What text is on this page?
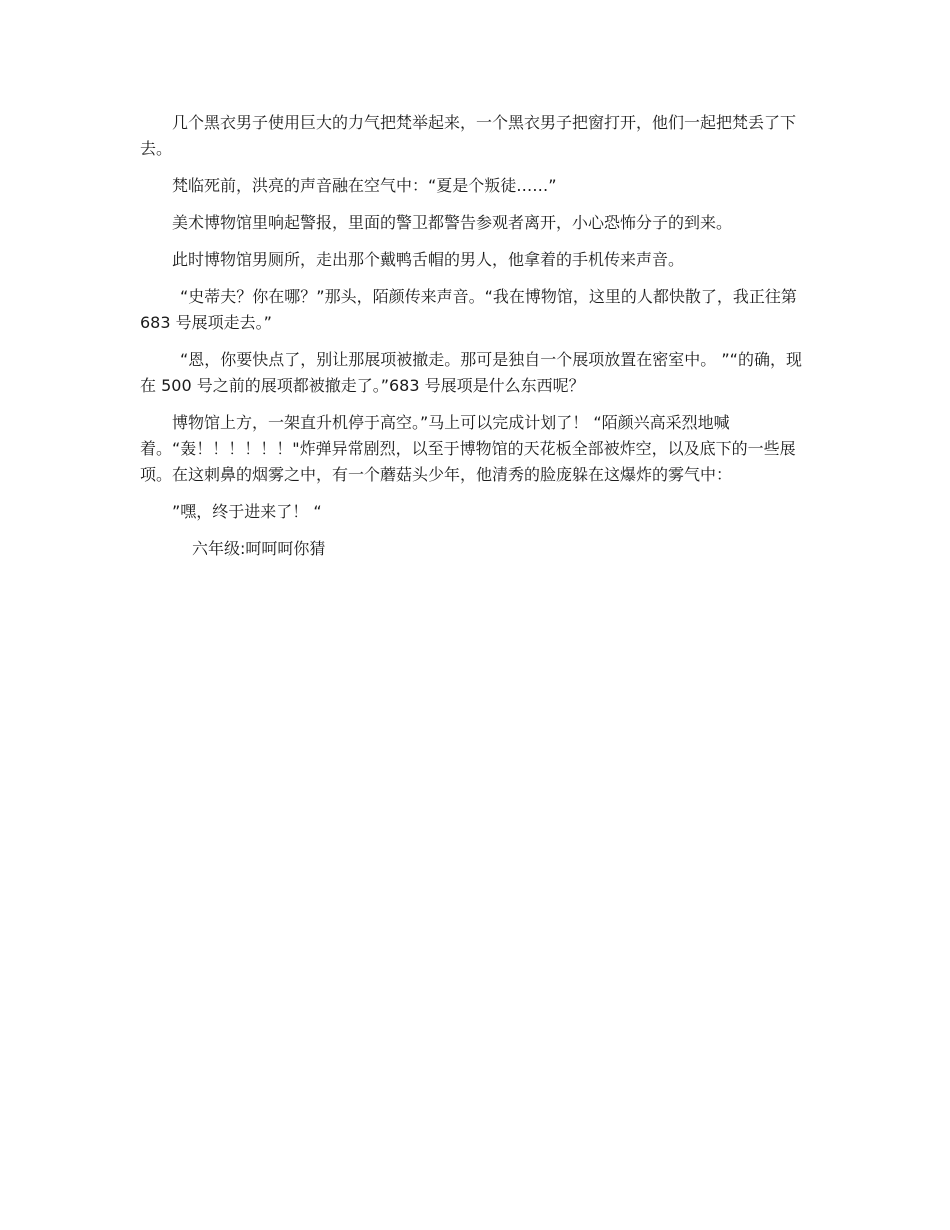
几个黑衣男子使用巨大的力气把梵举起来，一个黑衣男子把窗打开，他们一起把梵丢了下去。

梵临死前，洪亮的声音融在空气中：“夏是个叛徒……”

美术博物馆里响起警报，里面的警卫都警告参观者离开，小心恐怖分子的到来。

此时博物馆男厕所，走出那个戴鸭舌帽的男人，他拿着的手机传来声音。

“史蒂夫？你在哪？”那头，陌颜传来声音。“我在博物馆，这里的人都快散了，我正往第 683 号展项走去。”

“恩，你要快点了，别让那展项被撤走。那可是独自一个展项放置在密室中。 ”“的确，现在 500 号之前的展项都被撤走了。”683 号展项是什么东西呢？

博物馆上方，一架直升机停于高空。”马上可以完成计划了！ “陌颜兴高采烈地喊着。“轰！！！！！！"炸弹异常剧烈，以至于博物馆的天花板全部被炸空，以及底下的一些展项。在这刺鼻的烟雾之中，有一个蘑菇头少年，他清秀的脸庞躲在这爆炸的雾气中：

”嘿，终于进来了！ “

六年级:呵呵呵你猜
